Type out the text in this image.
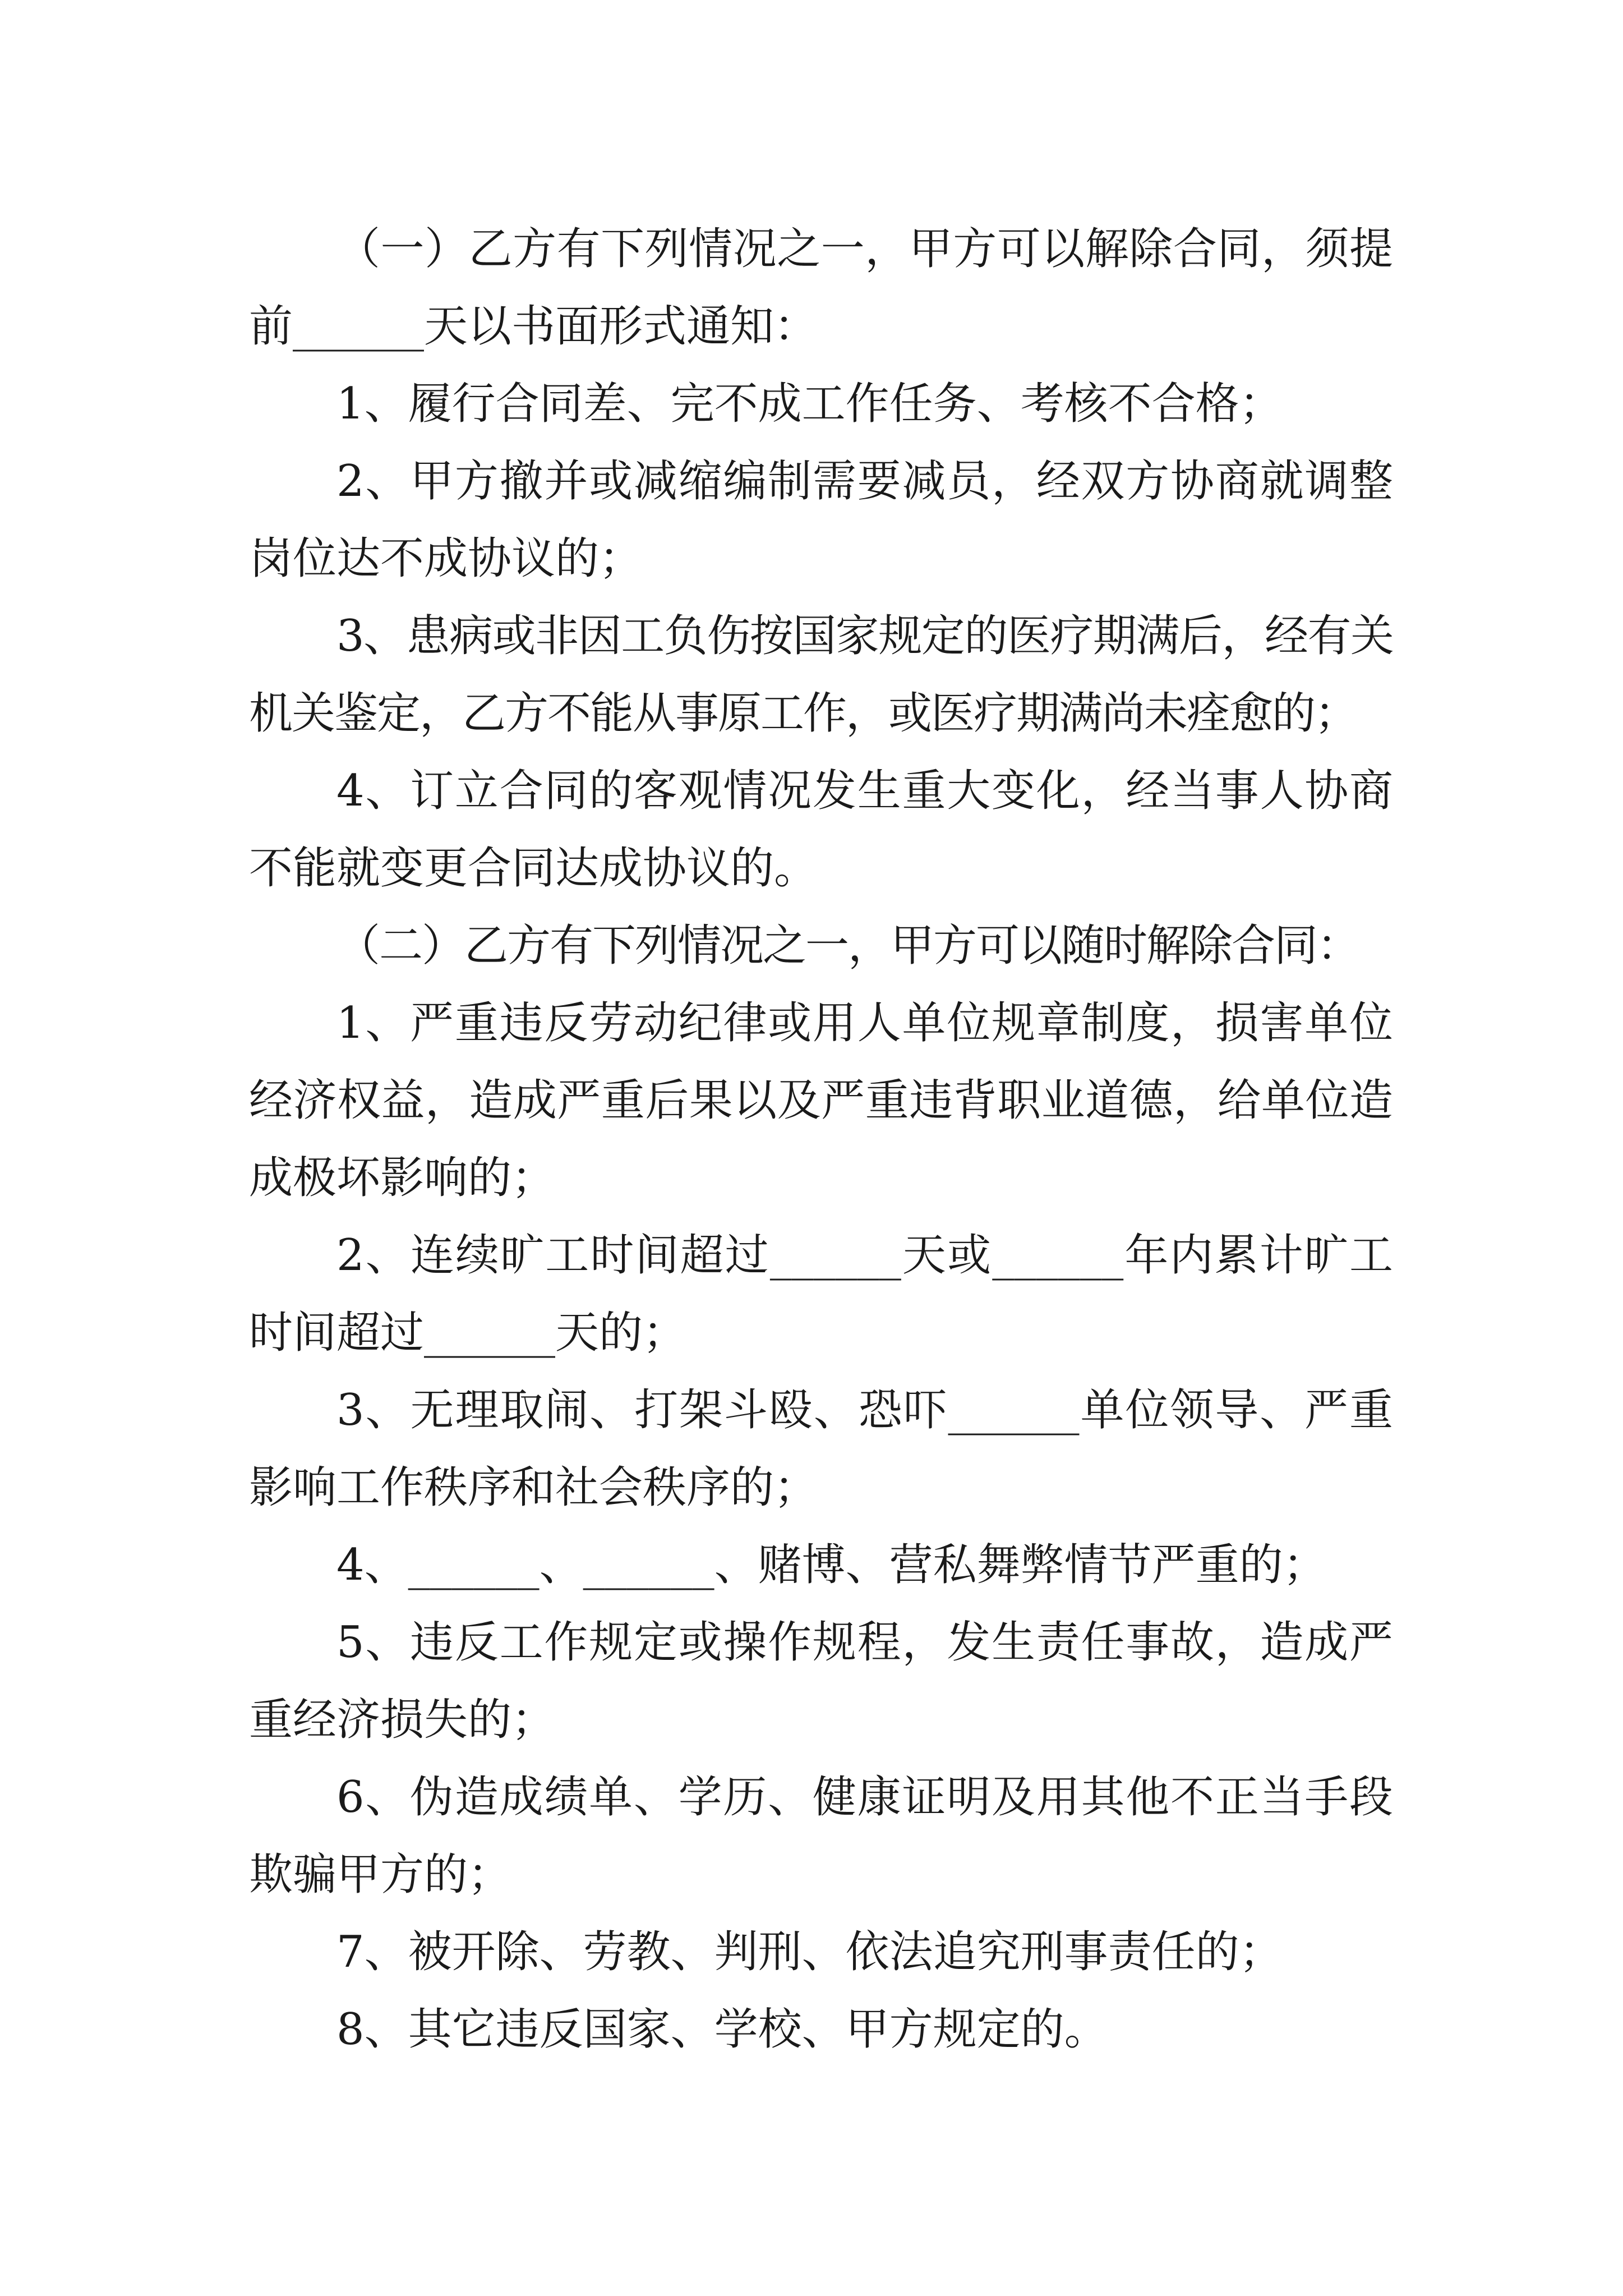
（一）乙方有下列情况之一，甲方可以解除合同，须提前______天以书面形式通知：

1、履行合同差、完不成工作任务、考核不合格；

2、甲方撤并或减缩编制需要减员，经双方协商就调整岗位达不成协议的；

3、患病或非因工负伤按国家规定的医疗期满后，经有关机关鉴定，乙方不能从事原工作，或医疗期满尚未痊愈的；

4、订立合同的客观情况发生重大变化，经当事人协商不能就变更合同达成协议的。

（二）乙方有下列情况之一，甲方可以随时解除合同：

1、严重违反劳动纪律或用人单位规章制度，损害单位经济权益，造成严重后果以及严重违背职业道德，给单位造成极坏影响的；

2、连续旷工时间超过______天或______年内累计旷工时间超过______天的；

3、无理取闹、打架斗殴、恐吓______单位领导、严重影响工作秩序和社会秩序的；

4、______、______、赌博、营私舞弊情节严重的；

5、违反工作规定或操作规程，发生责任事故，造成严重经济损失的；

6、伪造成绩单、学历、健康证明及用其他不正当手段欺骗甲方的；

7、被开除、劳教、判刑、依法追究刑事责任的；

8、其它违反国家、学校、甲方规定的。
